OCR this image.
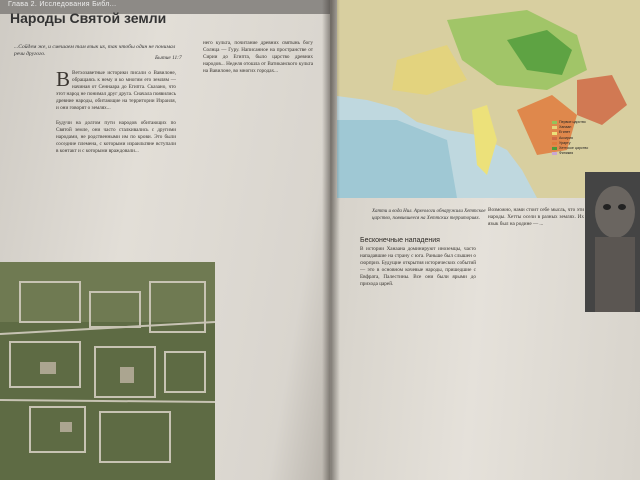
Глава 2. Исследования Библ...
Народы Святой земли
...Сойдем же, и смешаем там язык их, так чтобы один не понимал речи другого.
Бытие 11:7
В Ветхозаветные историки писали о Вавилоне, обращаясь к нему и ко многим его землям — начиная от Сеннаара до Египта. Сказано, что этот народ не понимал друг друга. Сначала появились древние народы, обитающие на территории Израиля, и они говорят о землях...

Будучи на долгом пути народов обитающих по Святой земле, они часто сталкивались с другими народами, не родственными им по крови. Это были соседние племена, с которыми израильтяне вступали в контакт и с которыми враждовали...
него культа, почитание древних святынь богу Солнца — Гуру. Написанное на пространстве от Сирии до Египта, было царство древних народов... Неделя отошла от Ватиканского культа на Вавилоне, во многих городах...
В истории Ханаана доминируют иноземцы, часто нападавшие на страну с юга. Раньше был слышен о сюрприз. Будущие открытия исторических событий — это в основном кочевые народы, пришедшие с Евфрата, Палестины. Все они были ярыми до прихода царей.
Возможно, нами стоит себе мысль, что эти народы. Хетты осели в разных землях. Их язык был на родине — ...
Первое царство
Ханаан
Египет
Ассирия
Урарту
Хеттское царство
Финикия
Хатти и вода Нил. Археологи обнаружили Хеттское царство, появившееся на Хеттских территориях.
Бесконечные нападения
